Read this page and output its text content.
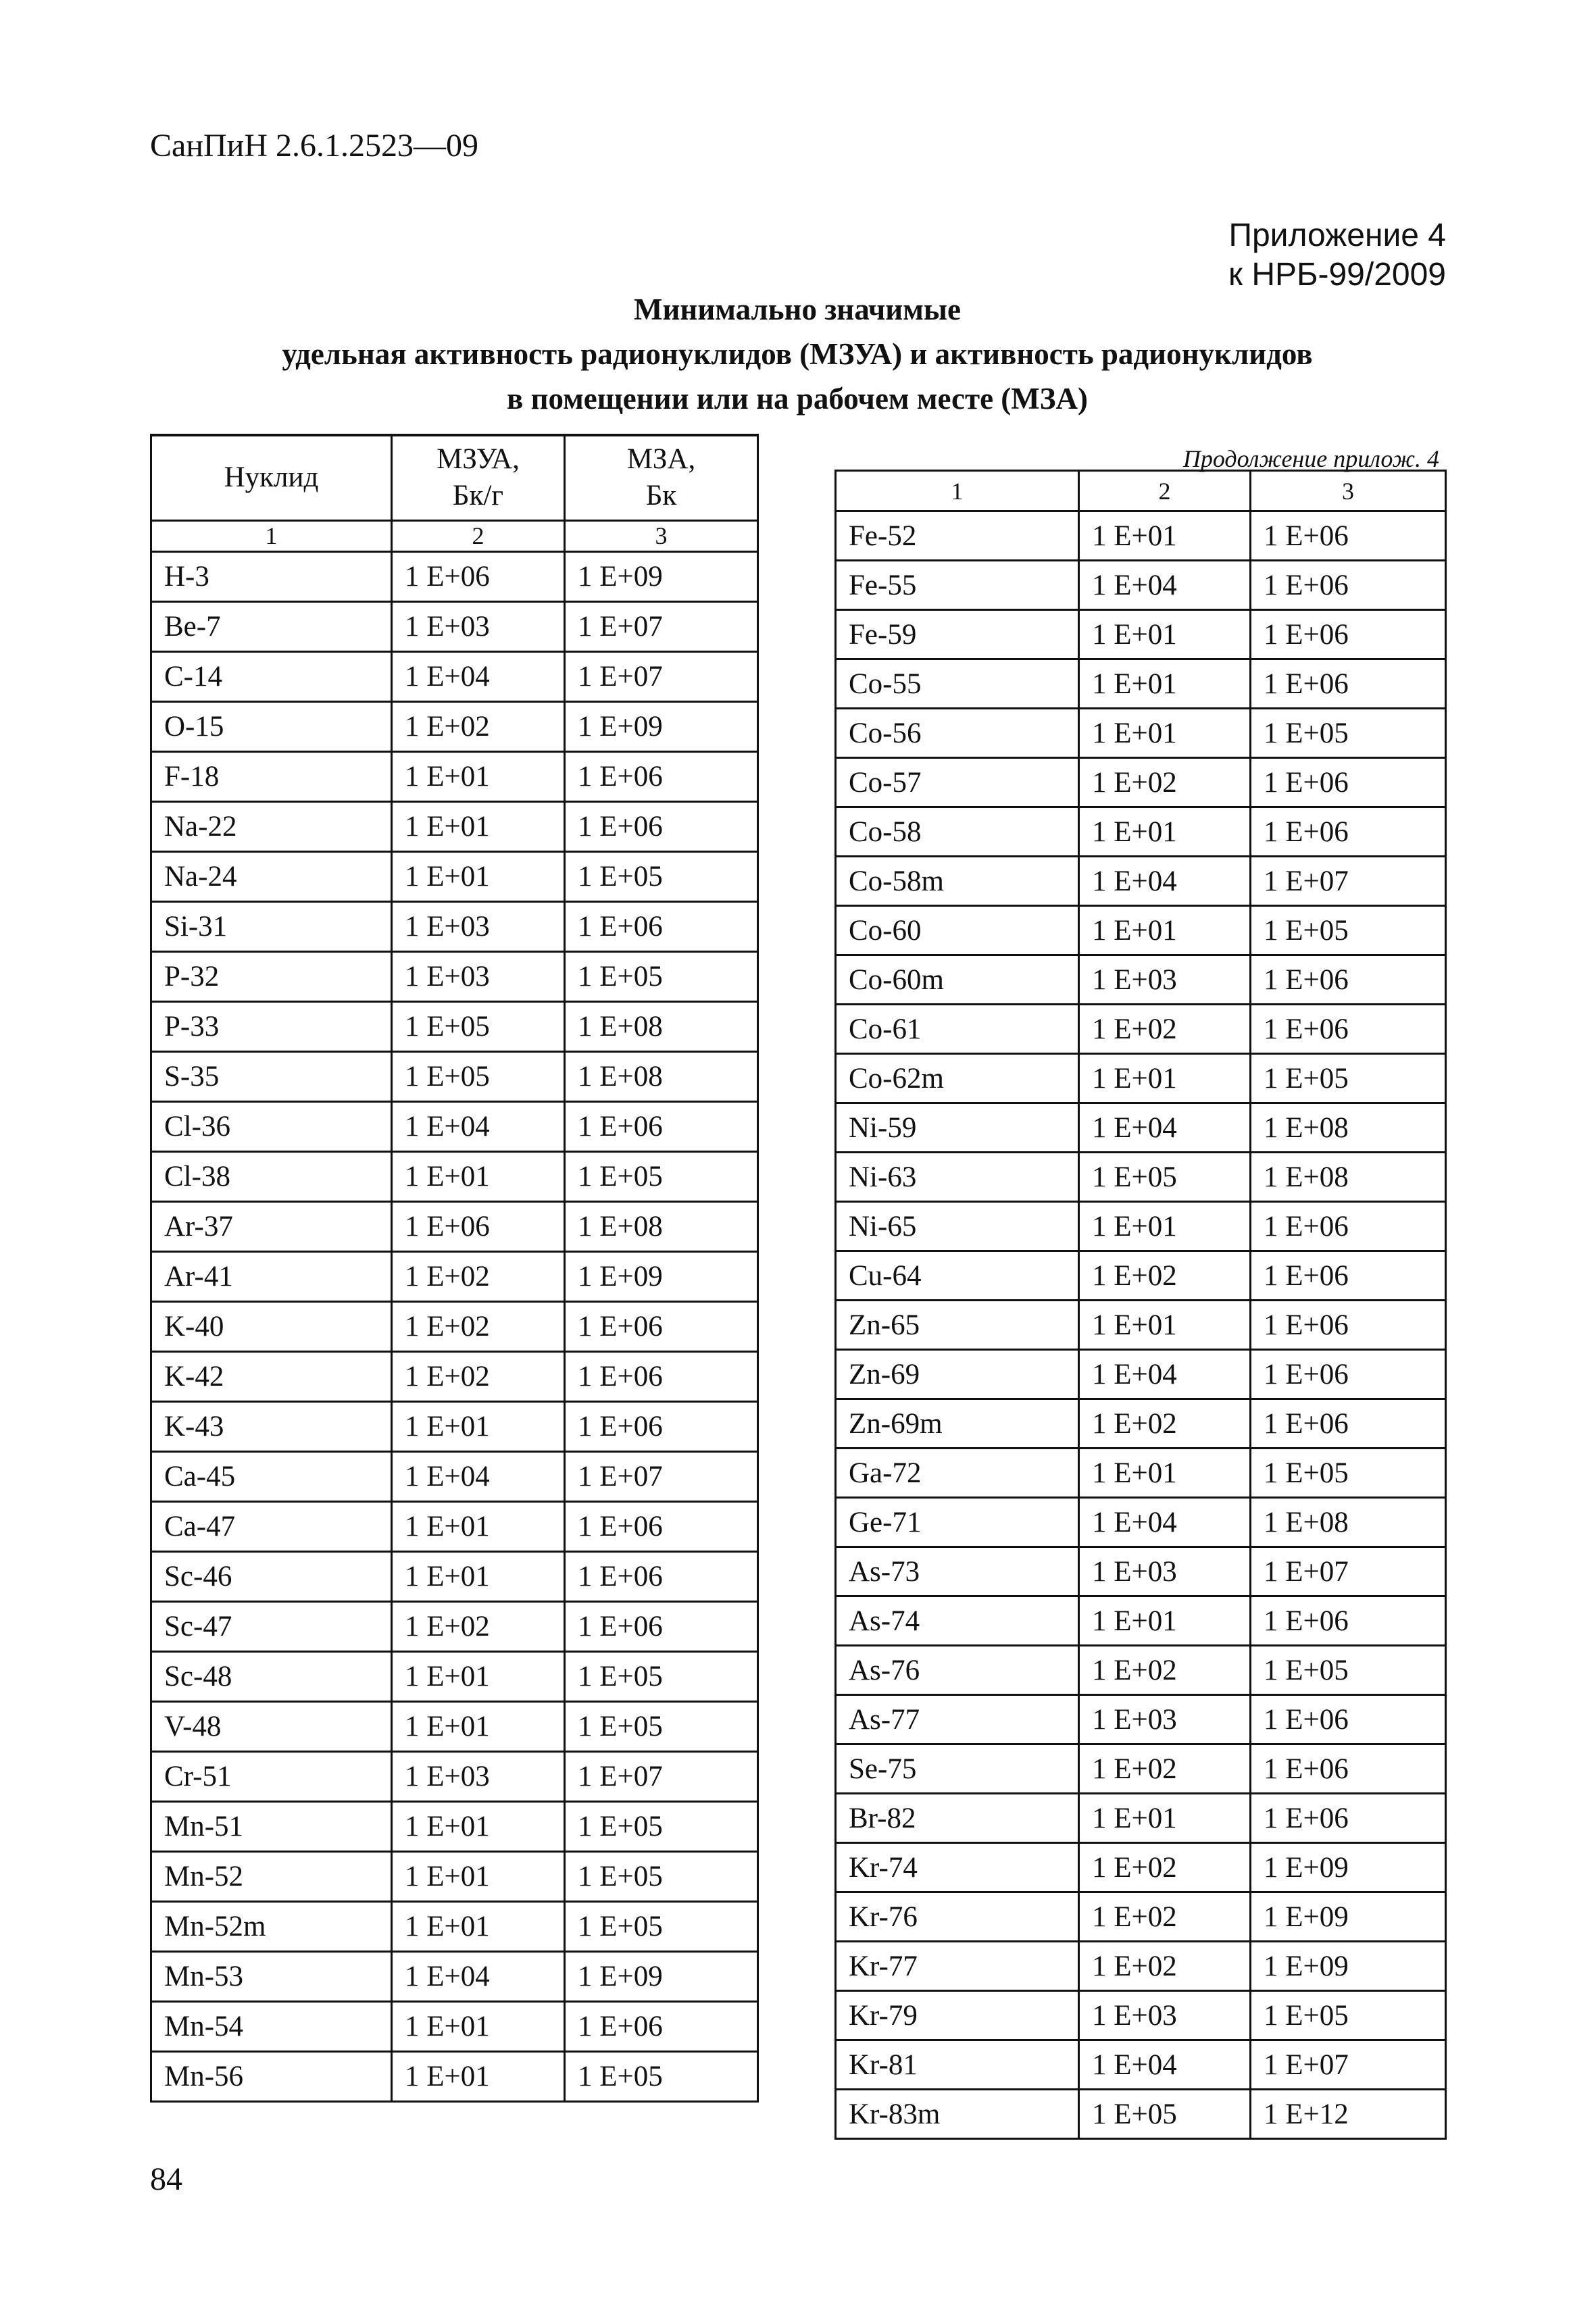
СанПиН 2.6.1.2523—09
Приложение 4
к НРБ-99/2009
Минимально значимые
удельная активность радионуклидов (МЗУА) и активность радионуклидов
в помещении или на рабочем месте (МЗА)
Нуклид	МЗУА, Бк/г	МЗА, Бк
1	2	3
H-3	1 E+06	1 E+09
Be-7	1 E+03	1 E+07
C-14	1 E+04	1 E+07
O-15	1 E+02	1 E+09
F-18	1 E+01	1 E+06
Na-22	1 E+01	1 E+06
Na-24	1 E+01	1 E+05
Si-31	1 E+03	1 E+06
P-32	1 E+03	1 E+05
P-33	1 E+05	1 E+08
S-35	1 E+05	1 E+08
Cl-36	1 E+04	1 E+06
Cl-38	1 E+01	1 E+05
Ar-37	1 E+06	1 E+08
Ar-41	1 E+02	1 E+09
K-40	1 E+02	1 E+06
K-42	1 E+02	1 E+06
K-43	1 E+01	1 E+06
Ca-45	1 E+04	1 E+07
Ca-47	1 E+01	1 E+06
Sc-46	1 E+01	1 E+06
Sc-47	1 E+02	1 E+06
Sc-48	1 E+01	1 E+05
V-48	1 E+01	1 E+05
Cr-51	1 E+03	1 E+07
Mn-51	1 E+01	1 E+05
Mn-52	1 E+01	1 E+05
Mn-52m	1 E+01	1 E+05
Mn-53	1 E+04	1 E+09
Mn-54	1 E+01	1 E+06
Mn-56	1 E+01	1 E+05
Продолжение прилож. 4
1	2	3
Fe-52	1 E+01	1 E+06
Fe-55	1 E+04	1 E+06
Fe-59	1 E+01	1 E+06
Co-55	1 E+01	1 E+06
Co-56	1 E+01	1 E+05
Co-57	1 E+02	1 E+06
Co-58	1 E+01	1 E+06
Co-58m	1 E+04	1 E+07
Co-60	1 E+01	1 E+05
Co-60m	1 E+03	1 E+06
Co-61	1 E+02	1 E+06
Co-62m	1 E+01	1 E+05
Ni-59	1 E+04	1 E+08
Ni-63	1 E+05	1 E+08
Ni-65	1 E+01	1 E+06
Cu-64	1 E+02	1 E+06
Zn-65	1 E+01	1 E+06
Zn-69	1 E+04	1 E+06
Zn-69m	1 E+02	1 E+06
Ga-72	1 E+01	1 E+05
Ge-71	1 E+04	1 E+08
As-73	1 E+03	1 E+07
As-74	1 E+01	1 E+06
As-76	1 E+02	1 E+05
As-77	1 E+03	1 E+06
Se-75	1 E+02	1 E+06
Br-82	1 E+01	1 E+06
Kr-74	1 E+02	1 E+09
Kr-76	1 E+02	1 E+09
Kr-77	1 E+02	1 E+09
Kr-79	1 E+03	1 E+05
Kr-81	1 E+04	1 E+07
Kr-83m	1 E+05	1 E+12
84
